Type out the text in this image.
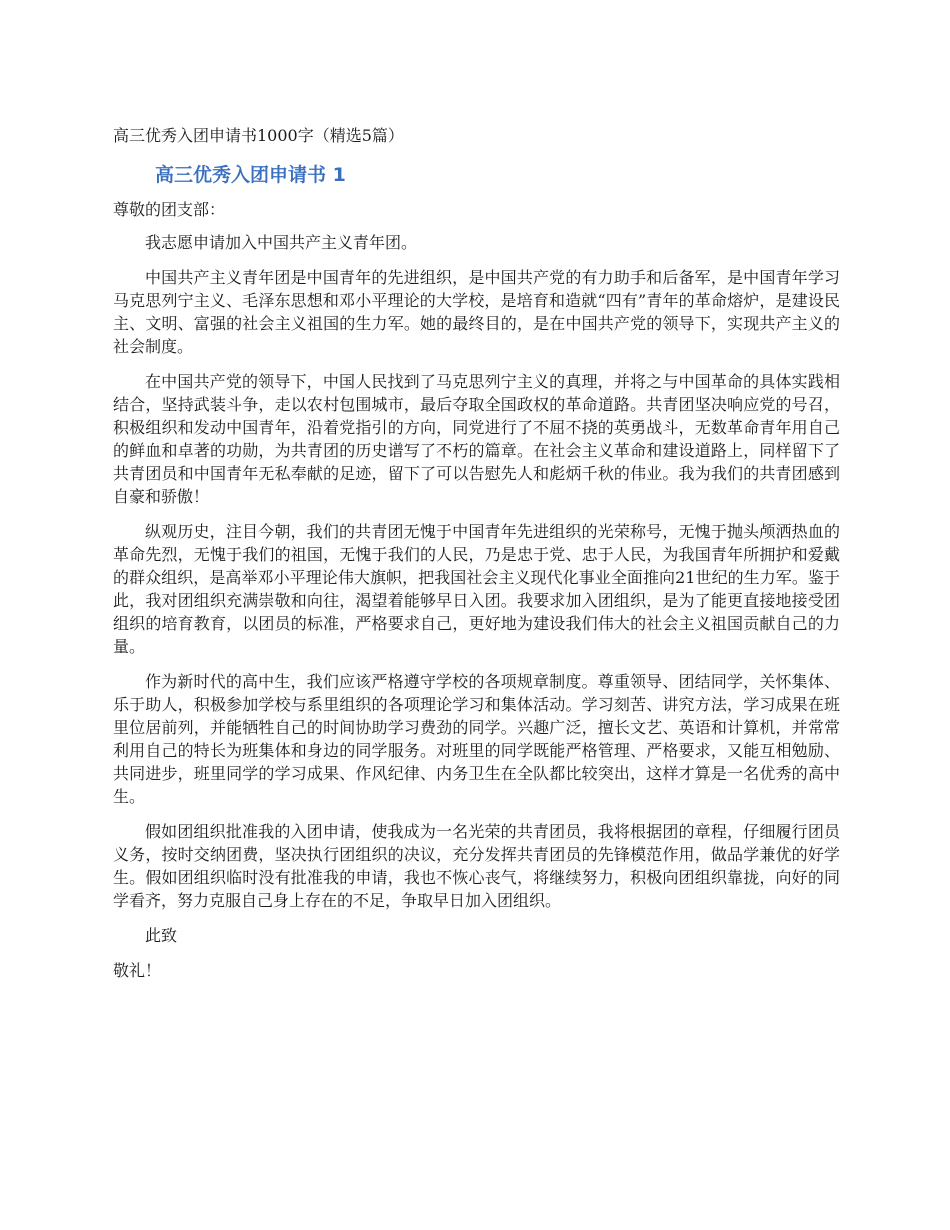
高三优秀入团申请书1000字（精选5篇）

高三优秀入团申请书 1

尊敬的团支部：

我志愿申请加入中国共产主义青年团。

中国共产主义青年团是中国青年的先进组织，是中国共产党的有力助手和后备军，是中国青年学习马克思列宁主义、毛泽东思想和邓小平理论的大学校，是培育和造就“四有”青年的革命熔炉，是建设民主、文明、富强的社会主义祖国的生力军。她的最终目的，是在中国共产党的领导下，实现共产主义的社会制度。

在中国共产党的领导下，中国人民找到了马克思列宁主义的真理，并将之与中国革命的具体实践相结合，坚持武装斗争，走以农村包围城市，最后夺取全国政权的革命道路。共青团坚决响应党的号召，积极组织和发动中国青年，沿着党指引的方向，同党进行了不屈不挠的英勇战斗，无数革命青年用自己的鲜血和卓著的功勋，为共青团的历史谱写了不朽的篇章。在社会主义革命和建设道路上，同样留下了共青团员和中国青年无私奉献的足迹，留下了可以告慰先人和彪炳千秋的伟业。我为我们的共青团感到自豪和骄傲！

纵观历史，注目今朝，我们的共青团无愧于中国青年先进组织的光荣称号，无愧于抛头颅洒热血的革命先烈，无愧于我们的祖国，无愧于我们的人民，乃是忠于党、忠于人民，为我国青年所拥护和爱戴的群众组织，是高举邓小平理论伟大旗帜，把我国社会主义现代化事业全面推向21世纪的生力军。鉴于此，我对团组织充满崇敬和向往，渴望着能够早日入团。我要求加入团组织，是为了能更直接地接受团组织的培育教育，以团员的标准，严格要求自己，更好地为建设我们伟大的社会主义祖国贡献自己的力量。

作为新时代的高中生，我们应该严格遵守学校的各项规章制度。尊重领导、团结同学，关怀集体、乐于助人，积极参加学校与系里组织的各项理论学习和集体活动。学习刻苦、讲究方法，学习成果在班里位居前列，并能牺牲自己的时间协助学习费劲的同学。兴趣广泛，擅长文艺、英语和计算机，并常常利用自己的特长为班集体和身边的同学服务。对班里的同学既能严格管理、严格要求，又能互相勉励、共同进步，班里同学的学习成果、作风纪律、内务卫生在全队都比较突出，这样才算是一名优秀的高中生。

假如团组织批准我的入团申请，使我成为一名光荣的共青团员，我将根据团的章程，仔细履行团员义务，按时交纳团费，坚决执行团组织的决议，充分发挥共青团员的先锋模范作用，做品学兼优的好学生。假如团组织临时没有批准我的申请，我也不恢心丧气，将继续努力，积极向团组织靠拢，向好的同学看齐，努力克服自己身上存在的不足，争取早日加入团组织。

此致

敬礼！
